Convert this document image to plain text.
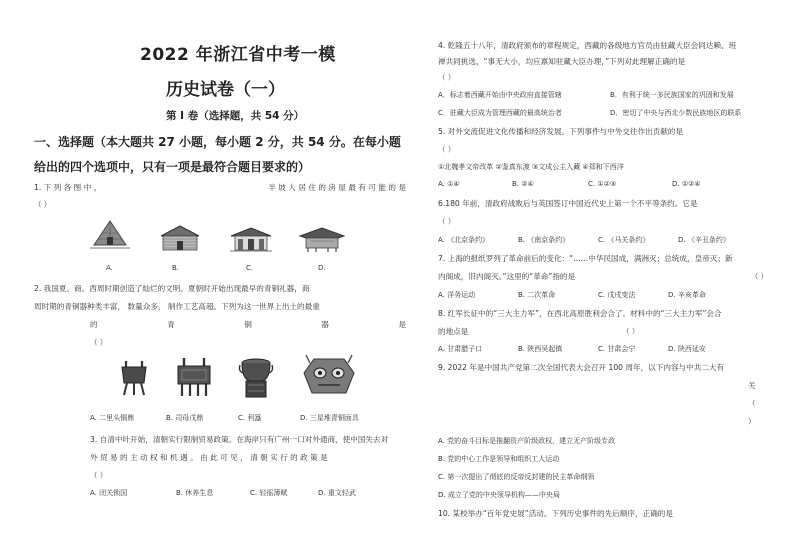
2022 年浙江省中考一模
历史试卷（一）
第 I 卷（选择题，共 54 分）
一、选择题（本大题共 27 小题，每小题 2 分，共 54 分。在每小题
给出的四个选项中，只有一项是最符合题目要求的）
1. 下 列 各 图 中 ，	半 坡 人 居 住 的 房 屋 最 有 可 能 的 是
（ ）
A.	B.	C.	D.
2. 我国夏、商、西周时期创造了灿烂的文明。夏朝时开始出现最早的青铜礼器，商
周时期的青铜器种类丰富， 数量众多， 制作工艺高超。下列为这一世界上出土的最重
的	青	铜	器	是
（ ）
A. 二里头铜鼎	B. 司母戊鼎	C. 利簋	D. 三星堆青铜面具
3. 自清中叶开始，清朝实行限制贸易政策。在海岸只有广州一口对外通商，使中国失去对
外 贸 易 的 主 动 权 和 机 遇 。 由 此 可 见 ， 清 朝 实 行 的 政 策 是
（ ）
A. 闭关锁国	B. 休养生息	C. 轻徭薄赋	D. 重文轻武
4. 乾隆五十八年，清政府颁布的章程规定，西藏的各级地方官员由驻藏大臣会同达赖、班
禅共同挑选，“事无大小，均应禀知驻藏大臣办理，”下列对此理解正确的是
（ ）
A．标志着西藏开始由中央政府直接管辖	B．有利于统一多民族国家的巩固和发展
C．驻藏大臣成为管理西藏的最高统治者	D．密切了中央与西北少数民族地区的联系
5. 对外交流促进文化传播和经济发展。下列事件与中外交往作出贡献的是
（ ）
①北魏孝文帝改革 ②鉴真东渡 ③文成公主入藏 ④郑和下西洋
A. ①④	B. ②④	C. ①②③	D. ①②④
6.180 年前，清政府战败后与英国签订中国近代史上第一个不平等条约。它是
（ ）
A. 《北京条约》	B. 《南京条约》	C. 《马关条约》	D. 《辛丑条约》
7. 上海的报纸罗列了革命前后的变化：“……中华民国成，满洲灭；总统成，皇帝灭；新
内阁成，旧内阁灭。”这里的“革命”指的是	（ ）
A. 洋务运动	B. 二次革命	C. 戊戌变法	D. 辛亥革命
8. 红军长征中的“三大主力军”，在西北高原胜利会合了。材料中的“三大主力军”会合
的地点是	（ ）
A. 甘肃腊子口	B. 陕西吴起镇	C. 甘肃会宁	D. 陕西延安
9. 2022 年是中国共产党第二次全国代表大会召开 100 周年，以下内容与中共二大有
关
（
）
A. 党的奋斗目标是推翻资产阶级政权，建立无产阶级专政
B. 党的中心工作是领导和组织工人运动
C. 第一次提出了彻底的反帝反封建的民主革命纲领
D. 成立了党的中央领导机构——中央局
10. 某校举办“百年党史展”活动。下列历史事件的先后顺序，正确的是
